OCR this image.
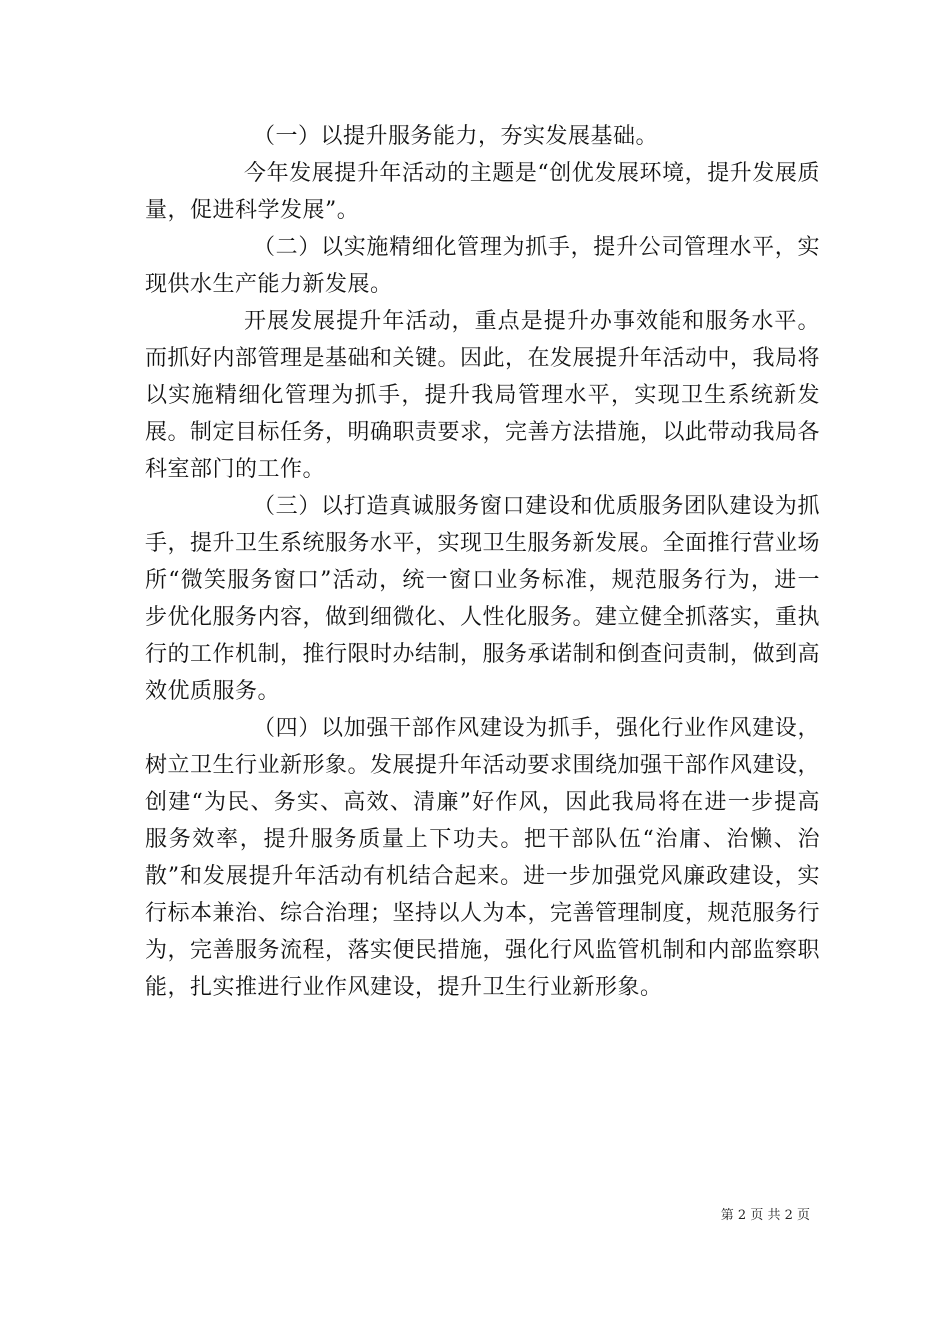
（一）以提升服务能力，夯实发展基础。

今年发展提升年活动的主题是“创优发展环境，提升发展质量，促进科学发展”。

（二）以实施精细化管理为抓手，提升公司管理水平，实现供水生产能力新发展。

开展发展提升年活动，重点是提升办事效能和服务水平。而抓好内部管理是基础和关键。因此，在发展提升年活动中，我局将以实施精细化管理为抓手，提升我局管理水平，实现卫生系统新发展。制定目标任务，明确职责要求，完善方法措施，以此带动我局各科室部门的工作。

（三）以打造真诚服务窗口建设和优质服务团队建设为抓手，提升卫生系统服务水平，实现卫生服务新发展。全面推行营业场所“微笑服务窗口”活动，统一窗口业务标准，规范服务行为，进一步优化服务内容，做到细微化、人性化服务。建立健全抓落实，重执行的工作机制，推行限时办结制，服务承诺制和倒查问责制，做到高效优质服务。

（四）以加强干部作风建设为抓手，强化行业作风建设，树立卫生行业新形象。发展提升年活动要求围绕加强干部作风建设，创建“为民、务实、高效、清廉”好作风，因此我局将在进一步提高服务效率，提升服务质量上下功夫。把干部队伍“治庸、治懒、治散”和发展提升年活动有机结合起来。进一步加强党风廉政建设，实行标本兼治、综合治理；坚持以人为本，完善管理制度，规范服务行为，完善服务流程，落实便民措施，强化行风监管机制和内部监察职能，扎实推进行业作风建设，提升卫生行业新形象。

第 2 页 共 2 页
